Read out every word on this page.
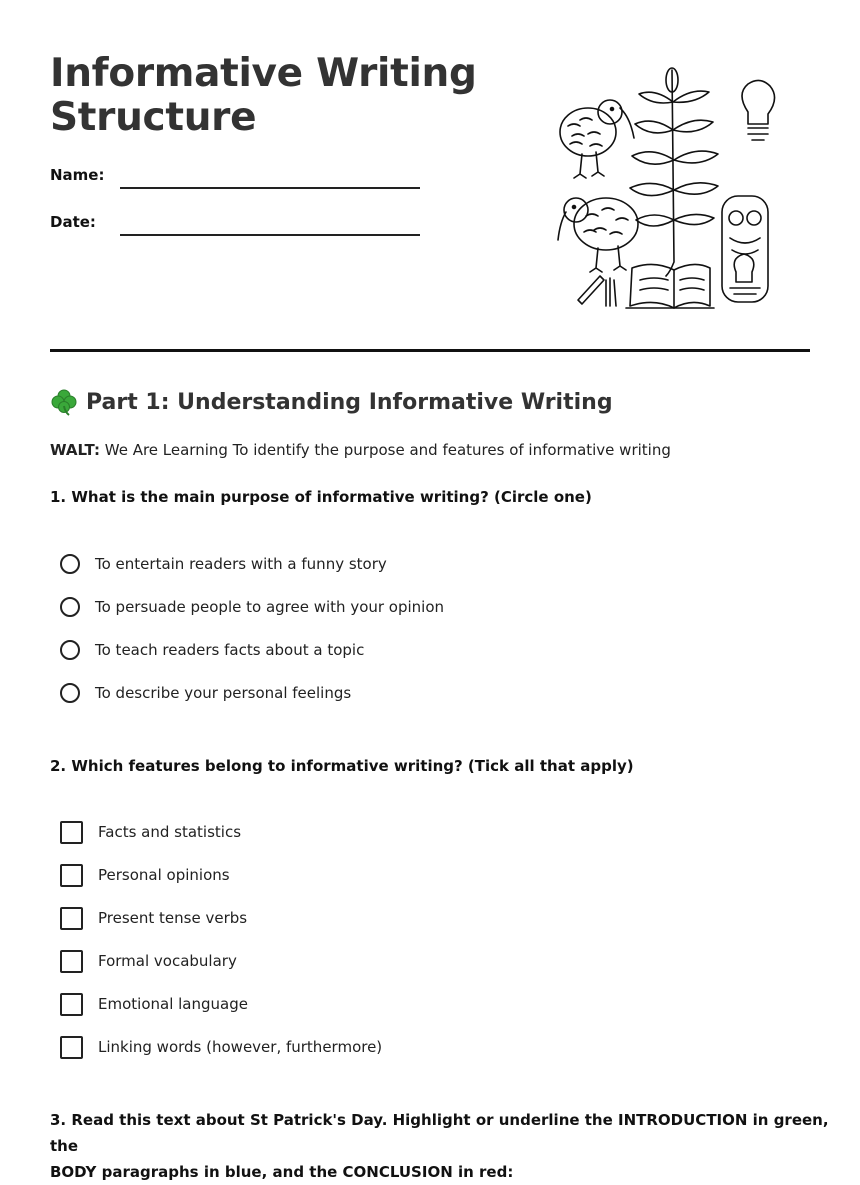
Informative Writing
Structure
Name:
Date:
Part 1: Understanding Informative Writing
WALT: We Are Learning To identify the purpose and features of informative writing
1. What is the main purpose of informative writing? (Circle one)
To entertain readers with a funny story
To persuade people to agree with your opinion
To teach readers facts about a topic
To describe your personal feelings
2. Which features belong to informative writing? (Tick all that apply)
Facts and statistics
Personal opinions
Present tense verbs
Formal vocabulary
Emotional language
Linking words (however, furthermore)
3. Read this text about St Patrick's Day. Highlight or underline the INTRODUCTION in green, the
BODY paragraphs in blue, and the CONCLUSION in red:
